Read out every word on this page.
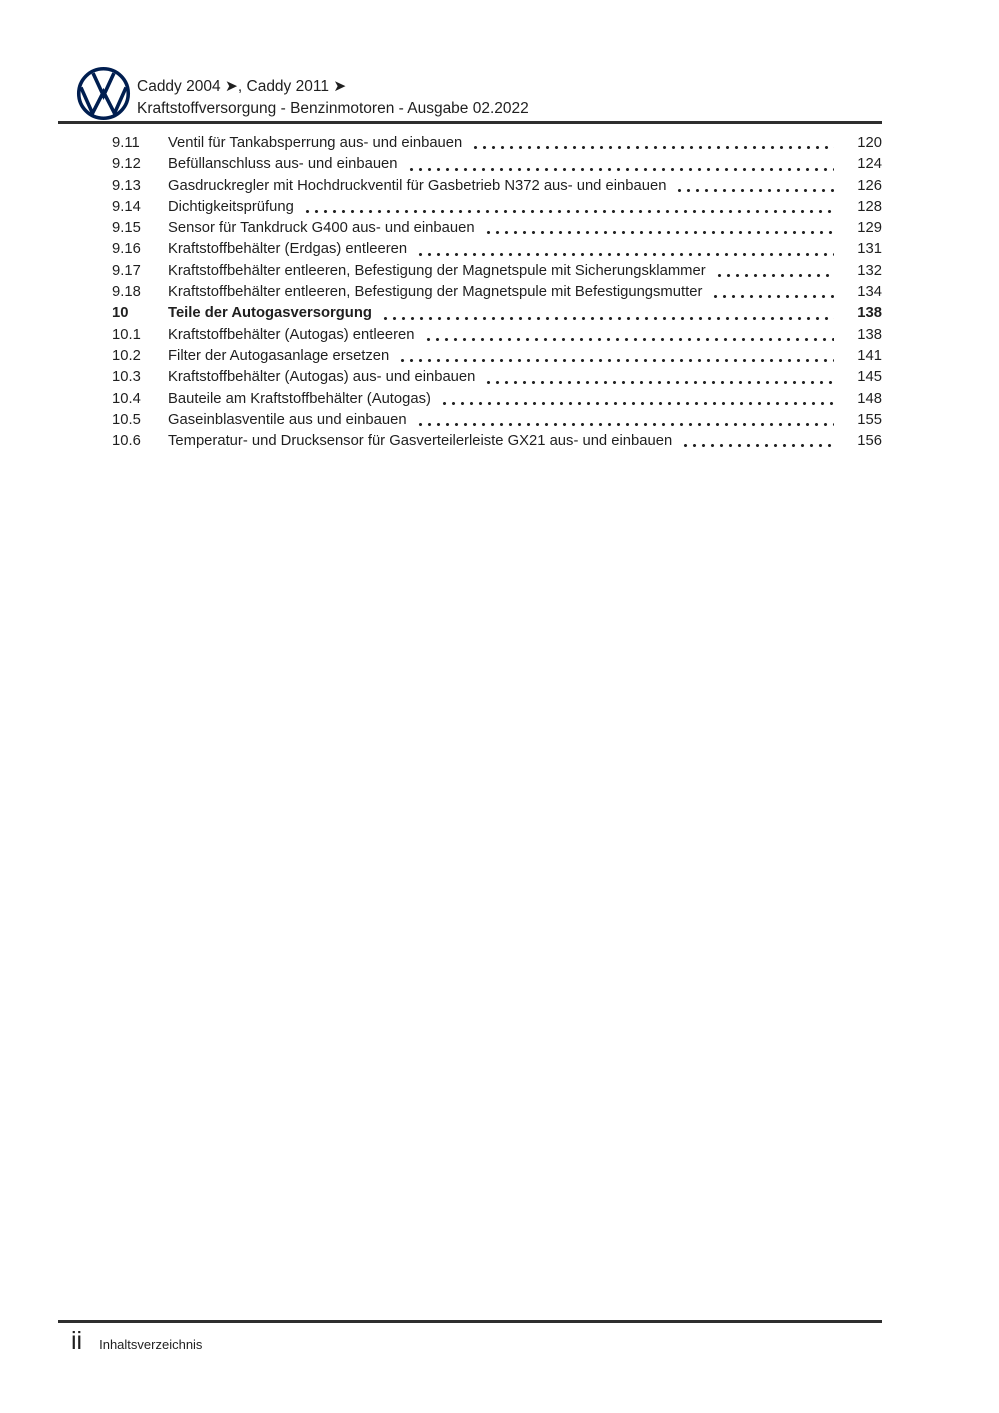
Caddy 2004 ➤, Caddy 2011 ➤
Kraftstoffversorgung - Benzinmotoren - Ausgabe 02.2022
9.11	Ventil für Tankabsperrung aus- und einbauen	120
9.12	Befüllanschluss aus- und einbauen	124
9.13	Gasdruckregler mit Hochdruckventil für Gasbetrieb N372 aus- und einbauen	126
9.14	Dichtigkeitsprüfung	128
9.15	Sensor für Tankdruck G400 aus- und einbauen	129
9.16	Kraftstoffbehälter (Erdgas) entleeren	131
9.17	Kraftstoffbehälter entleeren, Befestigung der Magnetspule mit Sicherungsklammer	132
9.18	Kraftstoffbehälter entleeren, Befestigung der Magnetspule mit Befestigungsmutter	134
10	Teile der Autogasversorgung	138
10.1	Kraftstoffbehälter (Autogas) entleeren	138
10.2	Filter der Autogasanlage ersetzen	141
10.3	Kraftstoffbehälter (Autogas) aus- und einbauen	145
10.4	Bauteile am Kraftstoffbehälter (Autogas)	148
10.5	Gaseinblasventile aus und einbauen	155
10.6	Temperatur- und Drucksensor für Gasverteilerleiste GX21 aus- und einbauen	156
ii Inhaltsverzeichnis
